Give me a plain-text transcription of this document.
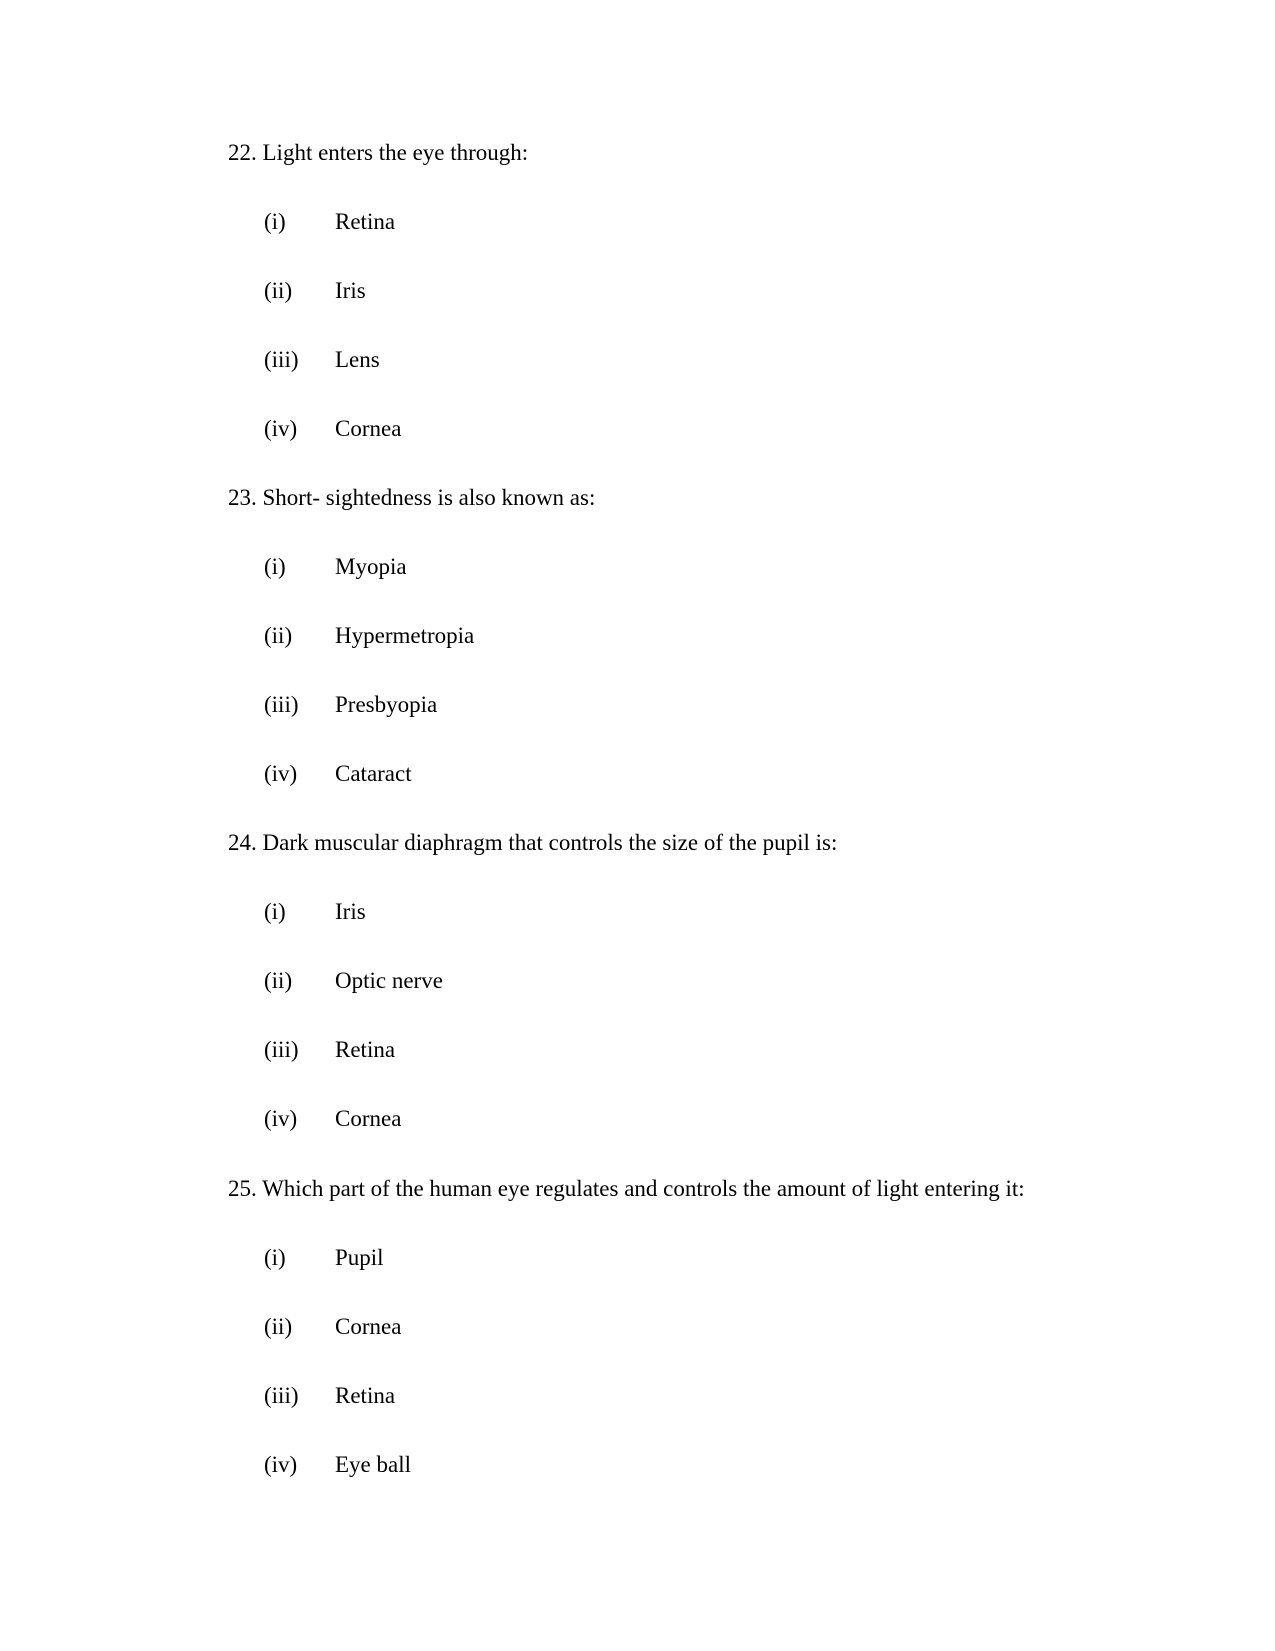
22. Light enters the eye through:
(i) Retina
(ii) Iris
(iii) Lens
(iv) Cornea
23. Short- sightedness is also known as:
(i) Myopia
(ii) Hypermetropia
(iii) Presbyopia
(iv) Cataract
24. Dark muscular diaphragm that controls the size of the pupil is:
(i) Iris
(ii) Optic nerve
(iii) Retina
(iv) Cornea
25. Which part of the human eye regulates and controls the amount of light entering it:
(i) Pupil
(ii) Cornea
(iii) Retina
(iv) Eye ball
